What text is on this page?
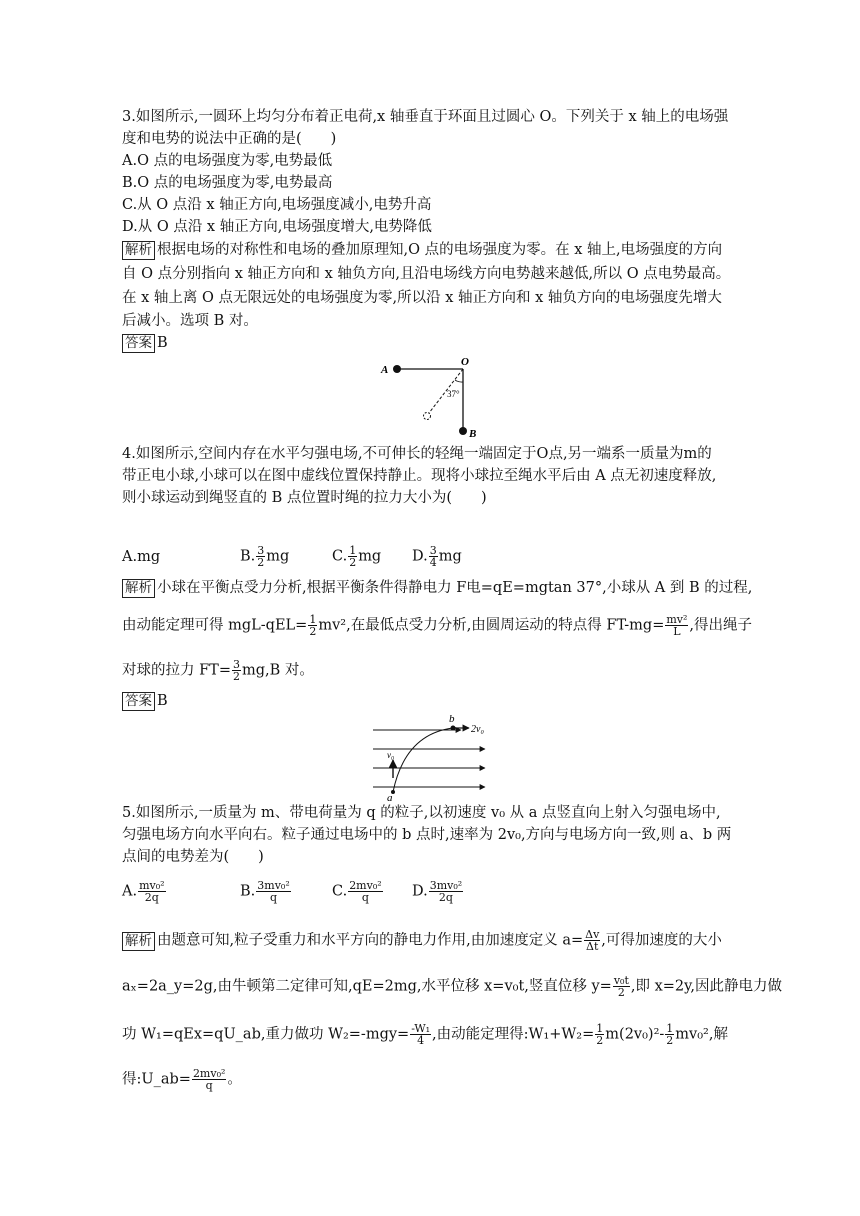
3.如图所示,一圆环上均匀分布着正电荷,x 轴垂直于环面且过圆心 O。下列关于 x 轴上的电场强
度和电势的说法中正确的是(　　)
A.O 点的电场强度为零,电势最低
B.O 点的电场强度为零,电势最高
C.从 O 点沿 x 轴正方向,电场强度减小,电势升高
D.从 O 点沿 x 轴正方向,电场强度增大,电势降低
解析 根据电场的对称性和电场的叠加原理知,O 点的电场强度为零。在 x 轴上,电场强度的方向
自 O 点分别指向 x 轴正方向和 x 轴负方向,且沿电场线方向电势越来越低,所以 O 点电势最高。
在 x 轴上离 O 点无限远处的电场强度为零,所以沿 x 轴正方向和 x 轴负方向的电场强度先增大
后减小。选项 B 对。
答案 B
A
O
37°
B
4.如图所示,空间内存在水平匀强电场,不可伸长的轻绳一端固定于O点,另一端系一质量为m的
带正电小球,小球可以在图中虚线位置保持静止。现将小球拉至绳水平后由 A 点无初速度释放,
则小球运动到绳竖直的 B 点位置时绳的拉力大小为(　　)
A.mg	B. $\frac{3}{2}$ mg	C. $\frac{1}{2}$ mg D. $\frac{3}{4}$ mg
解析 小球在平衡点受力分析,根据平衡条件得静电力 F电=qE=mgtan 37°,小球从 A 到 B 的过程,
由动能定理可得 $mgL-qEL= \frac{1}{2} mv^2$,在最低点受力分析,由圆周运动的特点得 $FT-mg= \frac{\text{mv²}}{L}$ ,得出绳子
对球的拉力 $FT= \frac{3}{2} mg,B$ 对。
答案 B
b
2v₀
v₀
a
5.如图所示,一质量为 m、带电荷量为 q 的粒子,以初速度 v₀ 从 a 点竖直向上射入匀强电场中,
匀强电场方向水平向右。粒子通过电场中的 b 点时,速率为 2v₀,方向与电场方向一致,则 a、b 两
点间的电势差为(　　)
A. $\frac{\text{mv₀²}}{2q}$	B. $\frac{\text{3mv₀²}}{q}$	C. $\frac{\text{2mv₀²}}{q} D$. $\frac{\text{3mv₀²}}{2q}$
解析 由题意可知,粒子受重力和水平方向的静电力作用,由加速度定义 $a= \frac{\Delta v}{\Delta t}$ ,可得加速度的大小
aₓ=2a_y=2g,由牛顿第二定律可知,qE=2mg,水平位移 x=v₀t,竖直位移 $y= \frac{\text{v₀t}}{2}$ ,即 x=2y,因此静电力做
功 W₁=qEx=qU_ab,重力做功 $W_2=-mgy= \frac{\text{-W₁}}{4}$ ,由动能定理得:W₁+W₂= $\frac{1}{2} m(2v_0)^2- \frac{1}{2} mv_0^2$,解
得:U_ab= $\frac{\text{2mv₀²}}{q}$ 。
